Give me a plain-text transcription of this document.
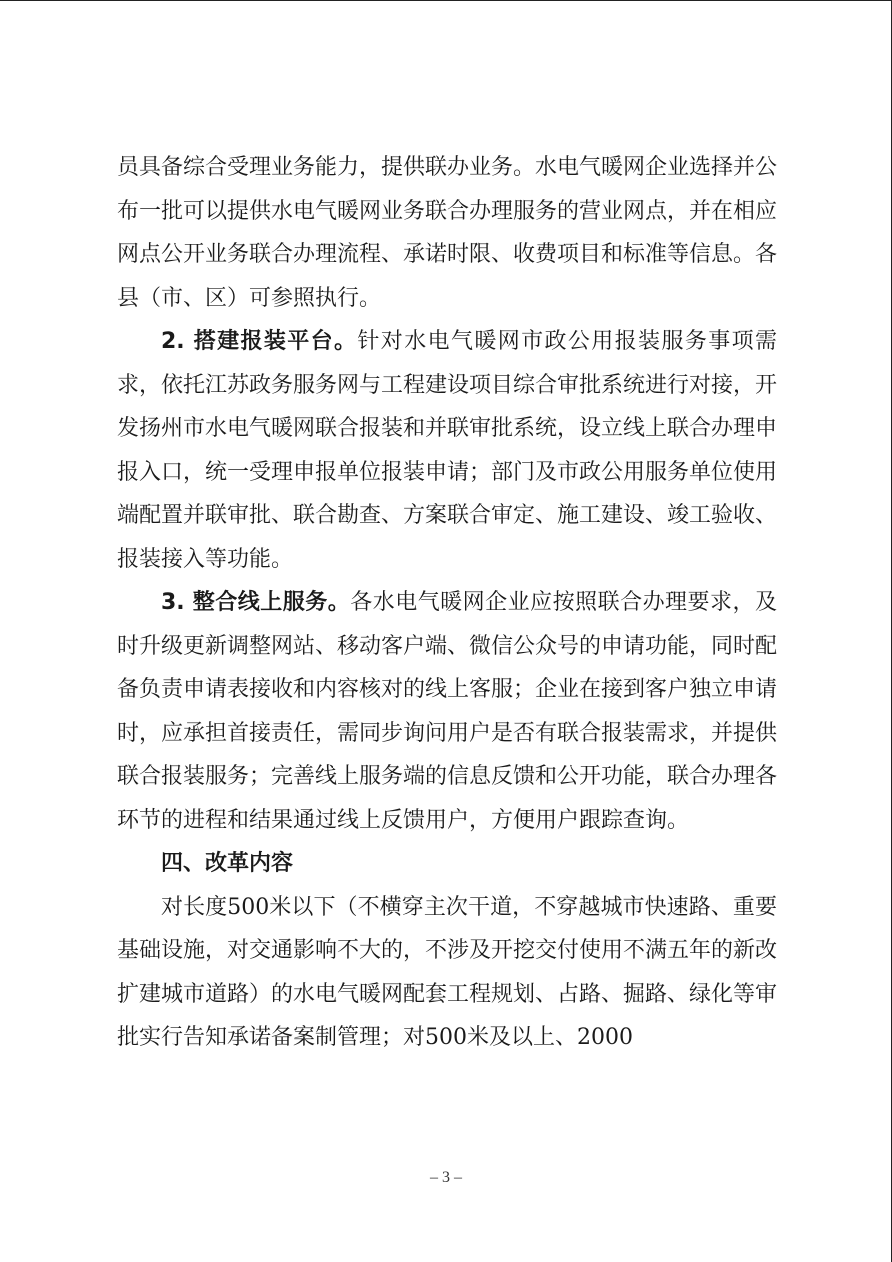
员具备综合受理业务能力，提供联办业务。水电气暖网企业选择并公布一批可以提供水电气暖网业务联合办理服务的营业网点，并在相应网点公开业务联合办理流程、承诺时限、收费项目和标准等信息。各县（市、区）可参照执行。

2. 搭建报装平台。针对水电气暖网市政公用报装服务事项需求，依托江苏政务服务网与工程建设项目综合审批系统进行对接，开发扬州市水电气暖网联合报装和并联审批系统，设立线上联合办理申报入口，统一受理申报单位报装申请；部门及市政公用服务单位使用端配置并联审批、联合勘查、方案联合审定、施工建设、竣工验收、报装接入等功能。

3. 整合线上服务。各水电气暖网企业应按照联合办理要求，及时升级更新调整网站、移动客户端、微信公众号的申请功能，同时配备负责申请表接收和内容核对的线上客服；企业在接到客户独立申请时，应承担首接责任，需同步询问用户是否有联合报装需求，并提供联合报装服务；完善线上服务端的信息反馈和公开功能，联合办理各环节的进程和结果通过线上反馈用户，方便用户跟踪查询。

四、改革内容

对长度500米以下（不横穿主次干道，不穿越城市快速路、重要基础设施，对交通影响不大的，不涉及开挖交付使用不满五年的新改扩建城市道路）的水电气暖网配套工程规划、占路、掘路、绿化等审批实行告知承诺备案制管理；对500米及以上、2000

– 3 –
